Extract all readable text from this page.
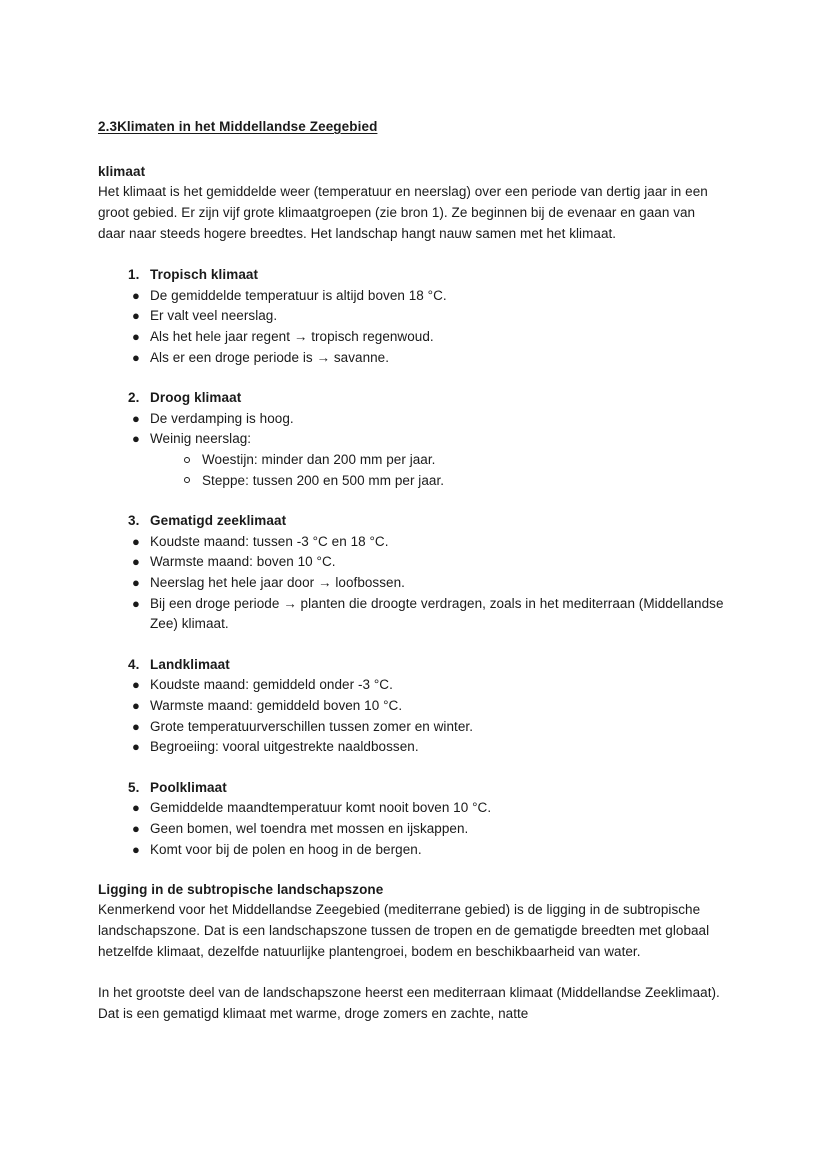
2.3Klimaten in het Middellandse Zeegebied
klimaat

Het klimaat is het gemiddelde weer (temperatuur en neerslag) over een periode van dertig jaar in een groot gebied. Er zijn vijf grote klimaatgroepen (zie bron 1). Ze beginnen bij de evenaar en gaan van daar naar steeds hogere breedtes. Het landschap hangt nauw samen met het klimaat.

1. Tropisch klimaat
● De gemiddelde temperatuur is altijd boven 18 °C.
● Er valt veel neerslag.
● Als het hele jaar regent → tropisch regenwoud.
● Als er een droge periode is → savanne.
2. Droog klimaat
● De verdamping is hoog.
● Weinig neerslag:
Woestijn: minder dan 200 mm per jaar.
Steppe: tussen 200 en 500 mm per jaar.
3. Gematigd zeeklimaat
● Koudste maand: tussen -3 °C en 18 °C.
● Warmste maand: boven 10 °C.
● Neerslag het hele jaar door → loofbossen.
● Bij een droge periode → planten die droogte verdragen, zoals in het mediterraan (Middellandse Zee) klimaat.
4. Landklimaat
● Koudste maand: gemiddeld onder -3 °C.
● Warmste maand: gemiddeld boven 10 °C.
● Grote temperatuurverschillen tussen zomer en winter.
● Begroeiing: vooral uitgestrekte naaldbossen.
5. Poolklimaat
● Gemiddelde maandtemperatuur komt nooit boven 10 °C.
● Geen bomen, wel toendra met mossen en ijskappen.
● Komt voor bij de polen en hoog in de bergen.
Ligging in de subtropische landschapszone

Kenmerkend voor het Middellandse Zeegebied (mediterrane gebied) is de ligging in de subtropische landschapszone. Dat is een landschapszone tussen de tropen en de gematigde breedten met globaal hetzelfde klimaat, dezelfde natuurlijke plantengroei, bodem en beschikbaarheid van water.

In het grootste deel van de landschapszone heerst een mediterraan klimaat (Middellandse Zeeklimaat). Dat is een gematigd klimaat met warme, droge zomers en zachte, natte
